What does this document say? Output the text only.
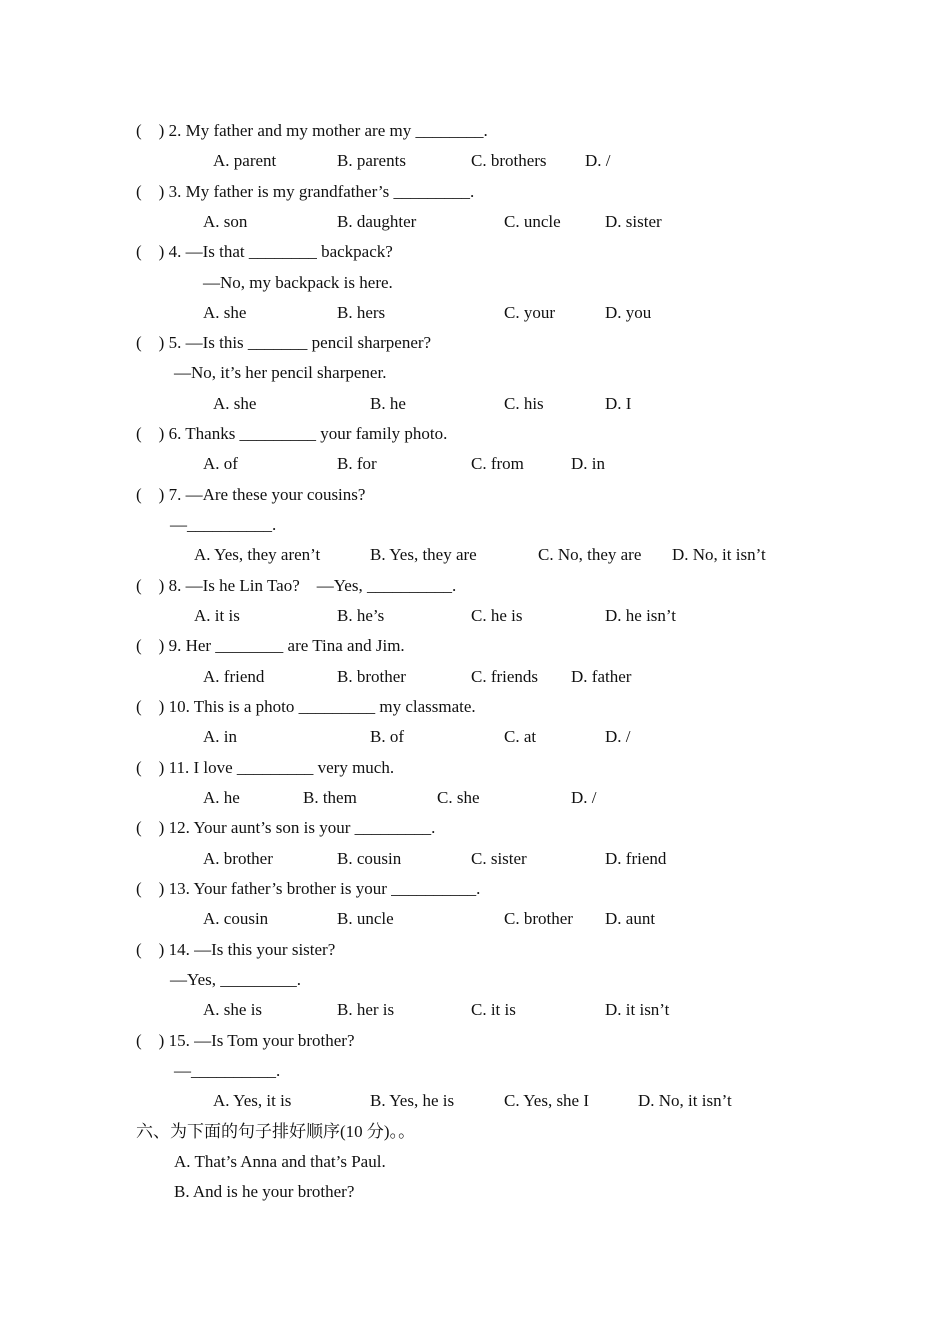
(    ) 2. My father and my mother are my ________.
A. parent	B. parents	C. brothers D. /
(    ) 3. My father is my grandfather’s _________.
A. son	B. daughter	C. uncle	D. sister
(    ) 4. —Is that ________ backpack?
—No, my backpack is here.
A. she	B. hers	C. your	D. you
(    ) 5. —Is this _______ pencil sharpener?
—No, it’s her pencil sharpener.
A. she	B. he	C. his	D. I
(    ) 6. Thanks _________ your family photo.
A. of	B. for	C. from	D. in
(    ) 7. —Are these your cousins?
—__________.
A. Yes, they aren’t	B. Yes, they are	C. No, they are D. No, it isn’t
(    ) 8. —Is he Lin Tao?    —Yes, __________.
A. it is	B. he’s	C. he is	D. he isn’t
(    ) 9. Her ________ are Tina and Jim.
A. friend	B. brother	C. friends D. father
(    ) 10. This is a photo _________ my classmate.
A. in	B. of	C. at	D. /
(    ) 11. I love _________ very much.
A. he	B. them	C. she	D. /
(    ) 12. Your aunt’s son is your _________.
A. brother	B. cousin	C. sister	D. friend
(    ) 13. Your father’s brother is your __________.
A. cousin	B. uncle	C. brother D. aunt
(    ) 14. —Is this your sister?
—Yes, _________.
A. she is	B. her is	C. it is	D. it isn’t
(    ) 15. —Is Tom your brother?
—__________.
A. Yes, it is	B. Yes, he is	C. Yes, she I	D. No, it isn’t
六、为下面的句子排好顺序(10 分)。。
A. That’s Anna and that’s Paul.
B. And is he your brother?
